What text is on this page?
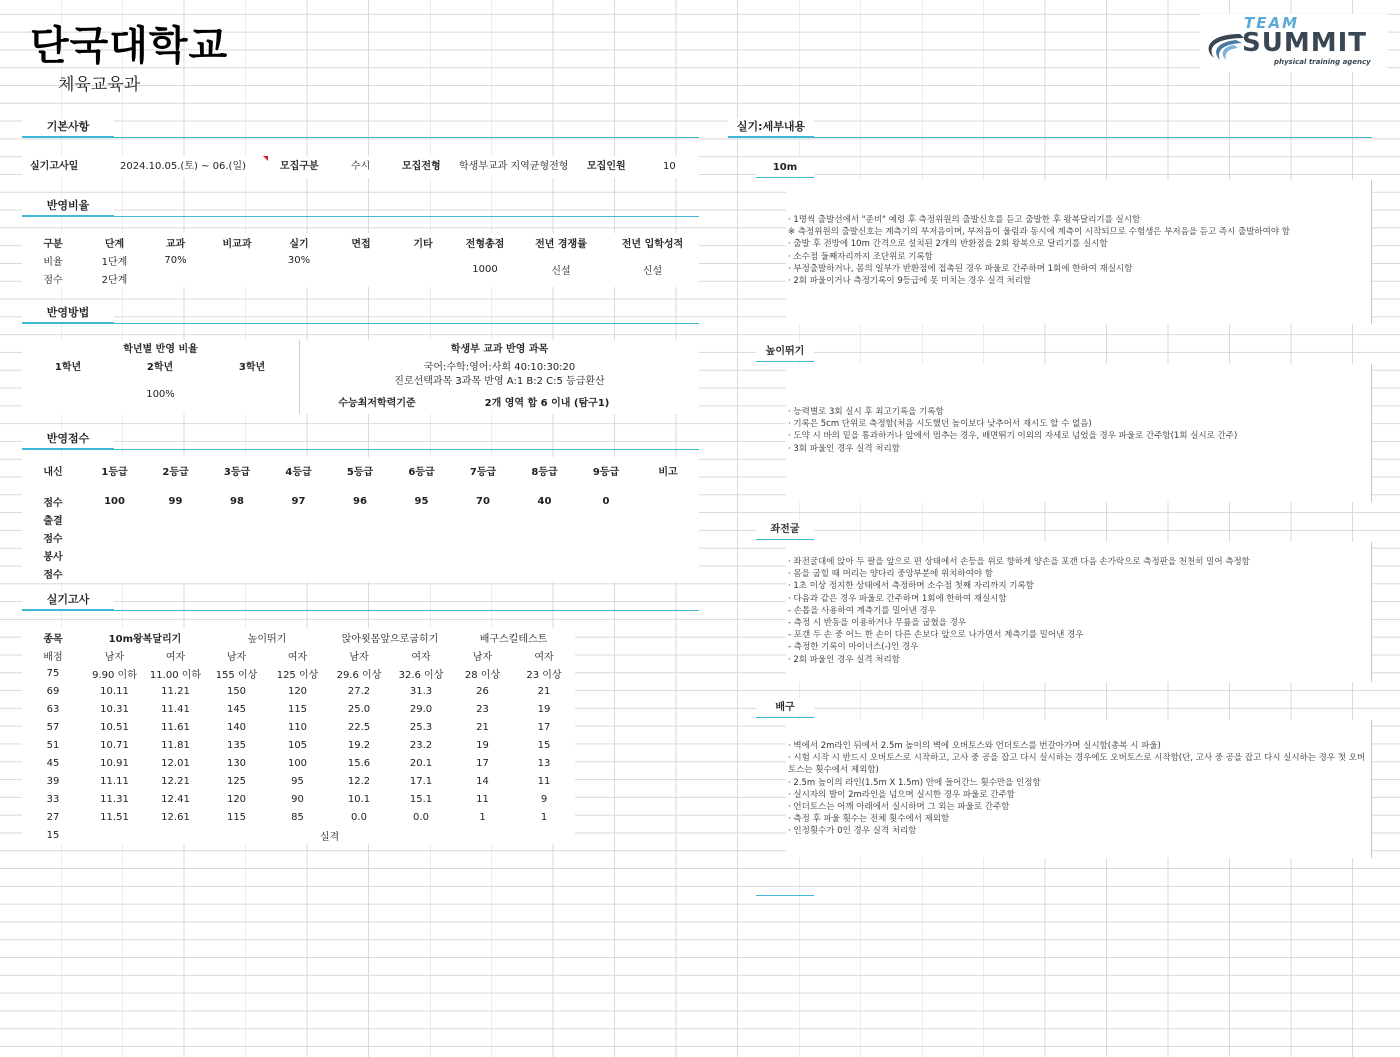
단국대학교
체육교육과
TEAM
SUMMIT
physical training agency
기본사항
실기고사일	2024.10.05.(토) ~ 06.(일)	모집구분	수시	모집전형 학생부교과 지역균형전형 모집인원	10
반영비율
구분	단계	교과	비교과	실기	면접	기타	전형총점	전년 경쟁률	전년 입학성적
비율	1단계	70%		30%			1000	신설	신설
점수	2단계								
반영방법
학년별 반영 비율
1학년	2학년	3학년
100%
학생부 교과 반영 과목
국어:수학:영어:사회 40:10:30:20
진로선택과목 3과목 반영 A:1 B:2 C:5 등급환산
수능최저학력기준	2개 영역 합 6 이내 (탐구1)
반영점수
내신	1등급	2등급	3등급	4등급	5등급	6등급	7등급	8등급	9등급	비고

점수	100	99	98	97	96	95	70	40	0	
출결										
점수										
봉사										
점수										
실기고사
종목	10m왕복달리기		높이뛰기		앉아윗몸앞으로굽히기		배구스킬테스트	
배점	남자	여자	남자	여자	남자	여자	남자	여자
75	9.90 이하	11.00 이하	155 이상	125 이상	29.6 이상	32.6 이상	28 이상	23 이상
69	10.11	11.21	150	120	27.2	31.3	26	21
63	10.31	11.41	145	115	25.0	29.0	23	19
57	10.51	11.61	140	110	22.5	25.3	21	17
51	10.71	11.81	135	105	19.2	23.2	19	15
45	10.91	12.01	130	100	15.6	20.1	17	13
39	11.11	12.21	125	95	12.2	17.1	14	11
33	11.31	12.41	120	90	10.1	15.1	11	9
27	11.51	12.61	115	85	0.0	0.0	1	1
15	실격							
실기:세부내용
10m
· 1명씩 출발선에서 "준비" 예령 후 측정위원의 출발신호를 듣고 출발한 후 왕복달리기를 실시함
※ 측정위원의 출발신호는 계측기의 부저음이며, 부저음이 울림과 동시에 계측이 시작되므로 수험생은 부저음을 듣고 즉시 출발하여야 함
· 출발 후 전방에 10m 간격으로 설치된 2개의 반환점을 2회 왕복으로 달리기를 실시함
· 소수점 둘째자리까지 조단위로 기록함
· 부정출발하거나, 몸의 일부가 반환점에 접촉된 경우 파울로 간주하며 1회에 한하여 재실시함
· 2회 파울이거나 측정기록이 9등급에 못 미치는 경우 실격 처리함
높이뛰기
· 능력별로 3회 실시 후 최고기록을 기록함
· 기록은 5cm 단위로 측정함(처음 시도했던 높이보다 낮추어서 재시도 할 수 없음)
· 도약 시 바의 밑을 통과하거나 앞에서 멈추는 경우, 배면뛰기 이외의 자세로 넘었을 경우 파울로 간주함(1회 실시로 간주)
· 3회 파울인 경우 실격 처리함
좌전굴
· 좌전굴대에 앉아 두 팔을 앞으로 편 상태에서 손등을 위로 향하게 양손을 포갠 다음 손가락으로 측정판을 천천히 밀어 측정함
· 몸을 굽힐 때 머리는 양다리 중앙부분에 위치하여야 함
· 1초 이상 정지한 상태에서 측정하며 소수점 첫째 자리까지 기록함
· 다음과 같은 경우 파울로 간주하며 1회에 한하여 재실시함
- 손톱을 사용하여 계측기를 밀어낸 경우
- 측정 시 반동을 이용하거나 무릎을 굽혔을 경우
- 포갠 두 손 중 어느 한 손이 다른 손보다 앞으로 나가면서 계측기를 밀어낸 경우
- 측정한 기록이 마이너스(-)인 경우
· 2회 파울인 경우 실격 처리함
배구
· 벽에서 2m라인 뒤에서 2.5m 높이의 벽에 오버토스와 언더토스를 번갈아가며 실시함(총복 시 파울)
· 시험 시작 시 반드시 오버토스로 시작하고, 고사 중 공을 잡고 다시 실시하는 경우에도 오버토스로 시작함(단, 고사 중 공을 잡고 다시 실시하는 경우 첫 오버토스는 횟수에서 제외함)
· 2.5m 높이의 라인(1.5m X 1.5m) 안에 들어간느 횟수만을 인정함
· 실시자의 발이 2m라인을 넘으며 실시한 경우 파울로 간주함
· 언더토스는 어깨 아래에서 실시하며 그 외는 파울로 간주함
· 측정 후 파울 횟수는 전체 횟수에서 제외함
· 인정횟수가 0인 경우 실격 처리함
